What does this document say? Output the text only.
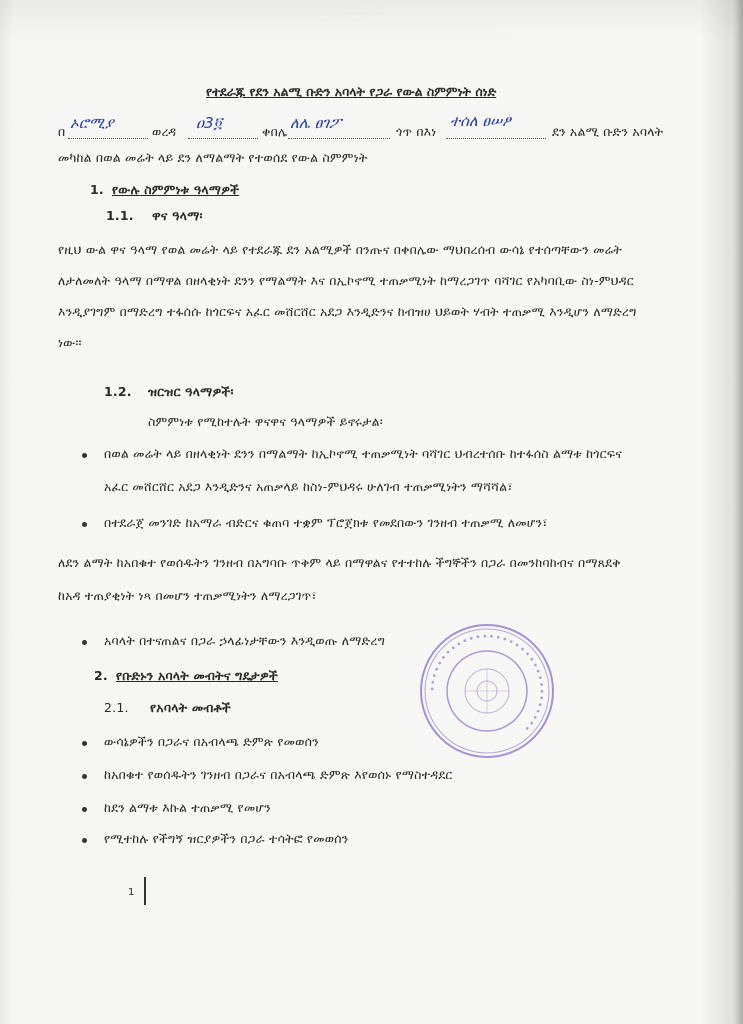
የተደራጁ የደን አልሚ ቡድን አባላት የጋራ የውል ስምምነት ሰነድ
በ ኦሮሚያ	ወረዳ ዐ3፬	ቀበሌ ለሌ ፀገፖ	ጎጥ በእነ
ተሰለ ፀሠፆ
ደን አልሚ ቡድን አባላት
መካከል በወል መሬት ላይ ደን ለማልማት የተወሰደ የውል ስምምነት
1. የውሉ ስምምነቱ ዓላማዎች
1.1. ዋና ዓላማ፡
የዚህ ውል ዋና ዓላማ የወል መሬት ላይ የተደራጁ ደን አልሚዎች በንጡና በቀበሌው ማህበረሰብ ውሳኔ የተሰጣቸውን መሬት
ለታለመለት ዓላማ በማዋል በዘላቂነት ደንን የማልማት እና በኢኮኖሚ ተጠቃሚነት ከማረጋገጥ ባሻገር የአካባቢው ስነ-ምህዳር
እንዲያገግም በማድረግ ተፋሰሱ ከጎርፍና አፈር መሸርሸር አደጋ እንዲድንና ከብዝሀ ህይወት ሃብት ተጠቃሚ እንዲሆን ለማድረግ
ነው፡፡
1.2. ዝርዝር ዓላማዎች፡
ስምምነቱ የሚከተሉት ዋናዋና ዓላማዎች ይኖሩታል፡
በወል መሬት ላይ በዘላቂነት ደንን በማልማት ከኢኮኖሚ ተጠቃሚነት ባሻገር ህብረተሰቡ ከተፋሰስ ልማቱ ከጎርፍና
አፈር መሸርሸር አደጋ እንዲድንና አጠቃላይ ከስነ-ምህዳሩ ሁለገብ ተጠቃሚነትን ማሻሻል፣
በተደራጀ መንገድ ከአማራ ብድርና ቁጠባ ተቋም ፕሮጀክቱ የመደበውን ገንዘብ ተጠቃሚ ለመሆን፣
ለደን ልማት ከአበቁተ የወሰዱትን ገንዘብ በአግባቡ ጥቅም ላይ በማዋልና የተተከሉ ችግኞችን በጋራ በመንከባከብና በማጸደቅ
ከአዳ ተጠያቂነት ነጻ በመሆን ተጠቃሚነትን ለማረጋገጥ፣
አባላት በተናጠልና በጋራ ኃላፊነታቸውን እንዲወጡ ለማድረግ
2. የቡድኑን አባላት መብትና ግዴታዎች
2.1. የአባላት መብቶች
ውሳኔዎችን በጋራና በአብላጫ ድምጽ የመወሰን
ከአበቁተ የወሰዱትን ገንዘብ በጋራና በአብላጫ ድምጽ እየወሰኑ የማስተዳደር
ከደን ልማቱ እኩል ተጠቃሚ የመሆን
የሚተከሉ የችግኝ ዝርያዎችን በጋራ ተሳትፎ የመወሰን
ꔷ ꔷ ꔷ ꔷ ꔷ ꔷ ꔷ ꔷ ꔷ ꔷ ꔷ ꔷ ꔷ ꔷ ꔷ ꔷ ꔷ ꔷ ꔷ ꔷ ꔷ ꔷ ꔷ ꔷ ꔷ ꔷ ꔷ ꔷ ꔷ ꔷ ꔷ ꔷ
1
